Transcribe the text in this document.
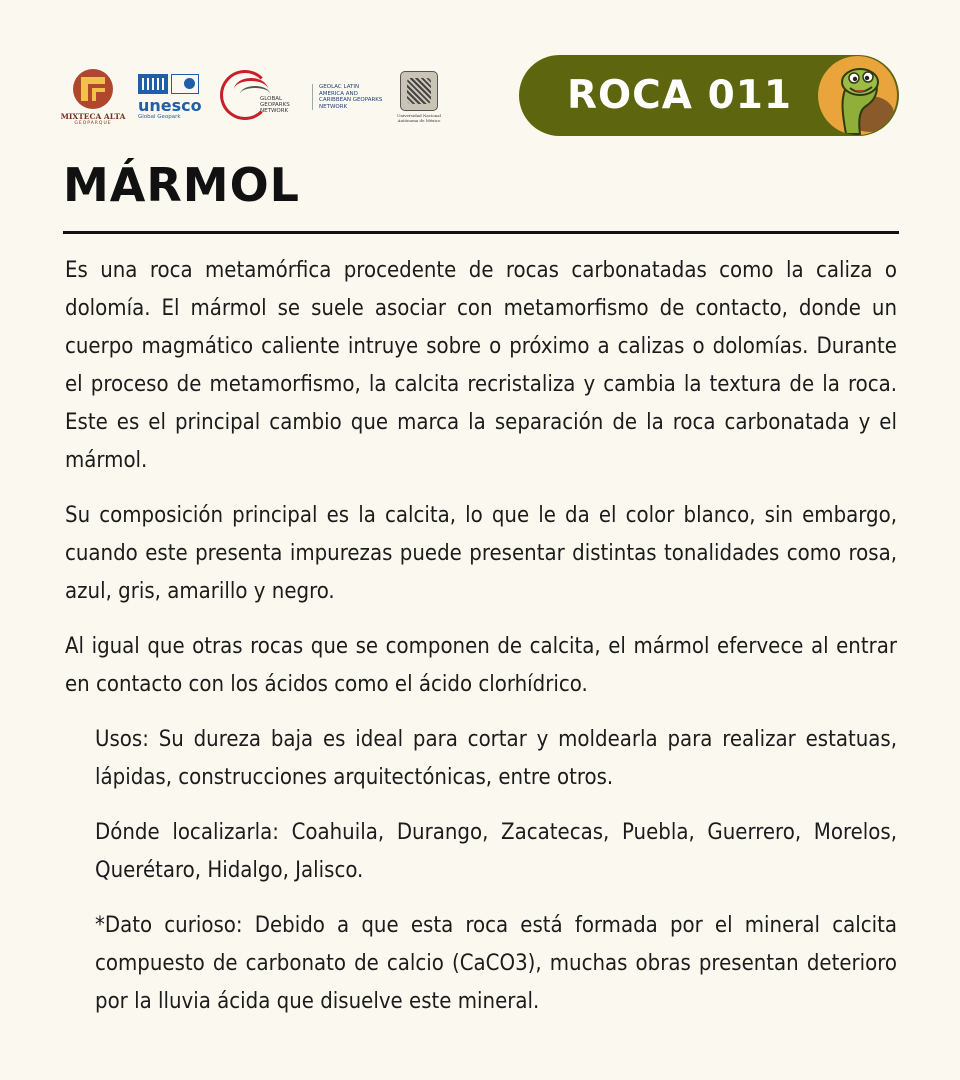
MIXTECA ALTA
GEOPARQUE
unesco
Global Geopark
GLOBAL GEOPARKS NETWORK
GEOLAC LATIN AMERICA AND CARIBBEAN GEOPARKS NETWORK
Universidad Nacional Autónoma de México
ROCA 011
MÁRMOL

Es una roca metamórfica procedente de rocas carbonatadas como la caliza o dolomía. El mármol se suele asociar con metamorfismo de contacto, donde un cuerpo magmático caliente intruye sobre o próximo a calizas o dolomías. Durante el proceso de metamorfismo, la calcita recristaliza y cambia la textura de la roca. Este es el principal cambio que marca la separación de la roca carbonatada y el mármol.

Su composición principal es la calcita, lo que le da el color blanco, sin embargo, cuando este presenta impurezas puede presentar distintas tonalidades como rosa, azul, gris, amarillo y negro.

Al igual que otras rocas que se componen de calcita, el mármol efervece al entrar en contacto con los ácidos como el ácido clorhídrico.

Usos: Su dureza baja es ideal para cortar y moldearla para realizar estatuas, lápidas, construcciones arquitectónicas, entre otros.

Dónde localizarla: Coahuila, Durango, Zacatecas, Puebla, Guerrero, Morelos, Querétaro, Hidalgo, Jalisco.

*Dato curioso: Debido a que esta roca está formada por el mineral calcita compuesto de carbonato de calcio (CaCO3), muchas obras presentan deterioro por la lluvia ácida que disuelve este mineral.
